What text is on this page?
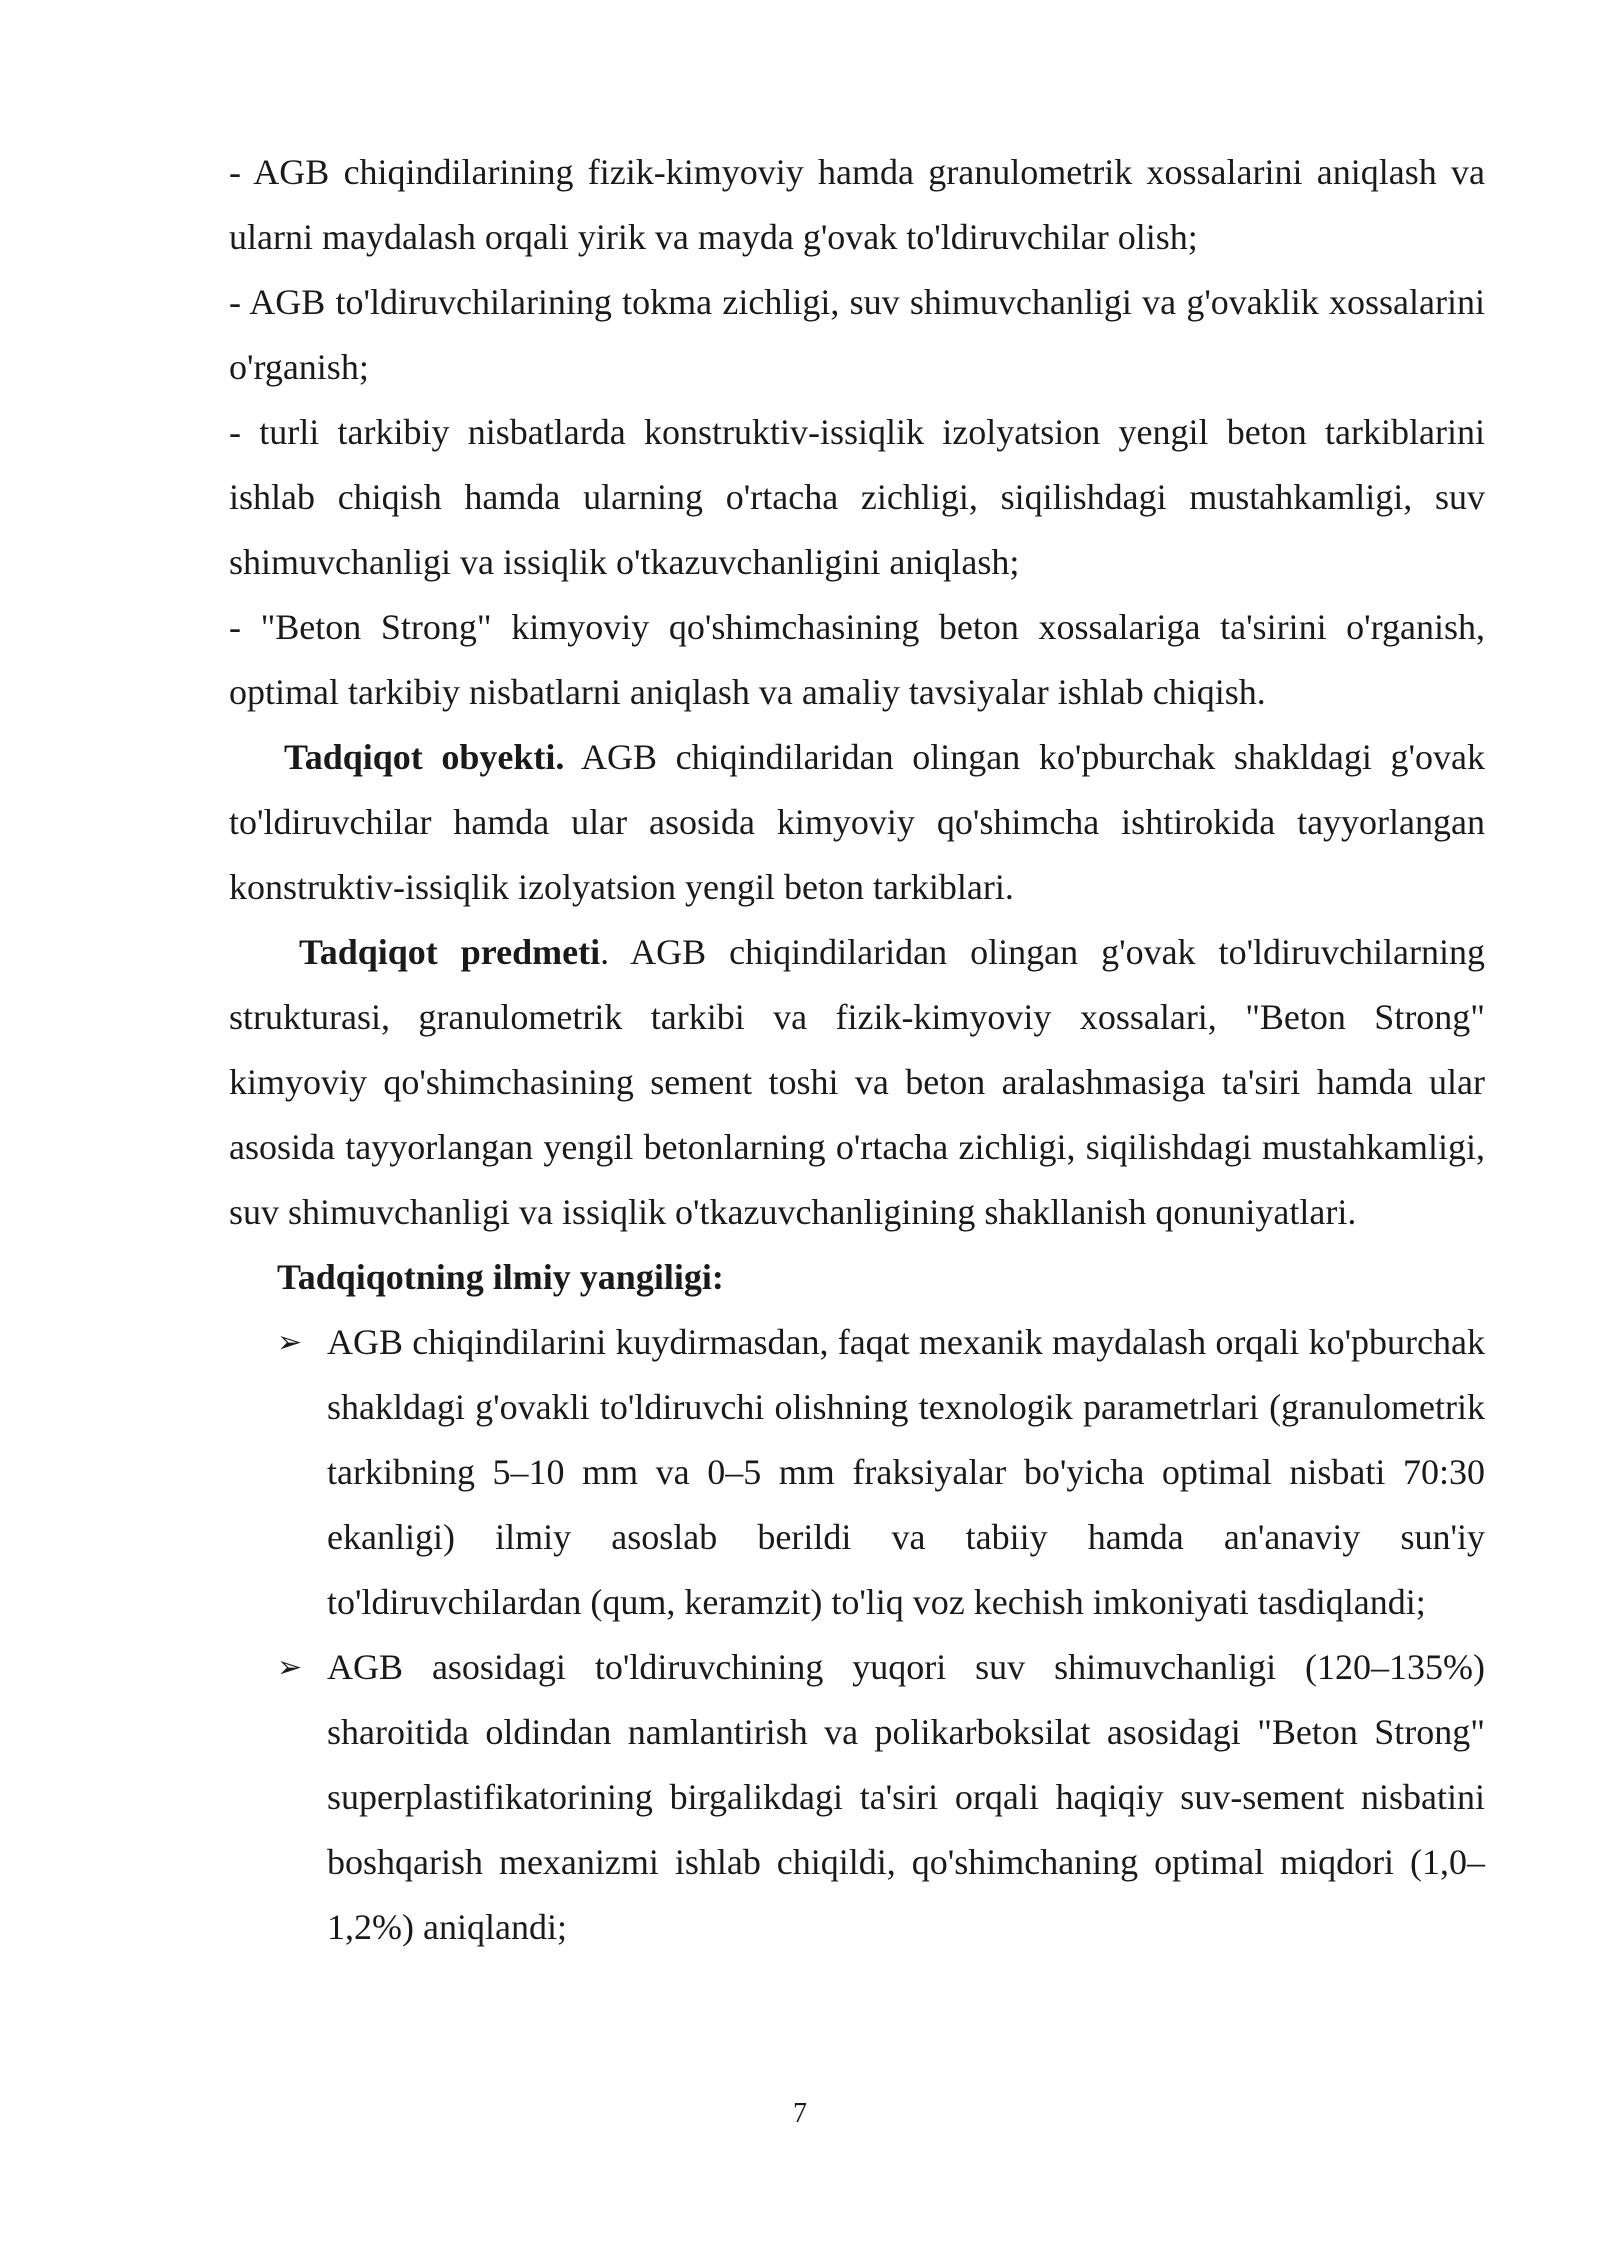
- AGB chiqindilarining fizik-kimyoviy hamda granulometrik xossalarini aniqlash va ularni maydalash orqali yirik va mayda g'ovak to'ldiruvchilar olish;

- AGB to'ldiruvchilarining tokma zichligi, suv shimuvchanligi va g'ovaklik xossalarini o'rganish;

- turli tarkibiy nisbatlarda konstruktiv-issiqlik izolyatsion yengil beton tarkiblarini ishlab chiqish hamda ularning o'rtacha zichligi, siqilishdagi mustahkamligi, suv shimuvchanligi va issiqlik o'tkazuvchanligini aniqlash;

- "Beton Strong" kimyoviy qo'shimchasining beton xossalariga ta'sirini o'rganish, optimal tarkibiy nisbatlarni aniqlash va amaliy tavsiyalar ishlab chiqish.

Tadqiqot obyekti. AGB chiqindilaridan olingan ko'pburchak shakldagi g'ovak to'ldiruvchilar hamda ular asosida kimyoviy qo'shimcha ishtirokida tayyorlangan konstruktiv-issiqlik izolyatsion yengil beton tarkiblari.

Tadqiqot predmeti. AGB chiqindilaridan olingan g'ovak to'ldiruvchilarning strukturasi, granulometrik tarkibi va fizik-kimyoviy xossalari, "Beton Strong" kimyoviy qo'shimchasining sement toshi va beton aralashmasiga ta'siri hamda ular asosida tayyorlangan yengil betonlarning o'rtacha zichligi, siqilishdagi mustahkamligi, suv shimuvchanligi va issiqlik o'tkazuvchanligining shakllanish qonuniyatlari.

Tadqiqotning ilmiy yangiligi:

➢ AGB chiqindilarini kuydirmasdan, faqat mexanik maydalash orqali ko'pburchak shakldagi g'ovakli to'ldiruvchi olishning texnologik parametrlari (granulometrik tarkibning 5–10 mm va 0–5 mm fraksiyalar bo'yicha optimal nisbati 70:30 ekanligi) ilmiy asoslab berildi va tabiiy hamda an'anaviy sun'iy to'ldiruvchilardan (qum, keramzit) to'liq voz kechish imkoniyati tasdiqlandi;
➢ AGB asosidagi to'ldiruvchining yuqori suv shimuvchanligi (120–135%) sharoitida oldindan namlantirish va polikarboksilat asosidagi "Beton Strong" superplastifikatorining birgalikdagi ta'siri orqali haqiqiy suv-sement nisbatini boshqarish mexanizmi ishlab chiqildi, qo'shimchaning optimal miqdori (1,0–1,2%) aniqlandi;
7
